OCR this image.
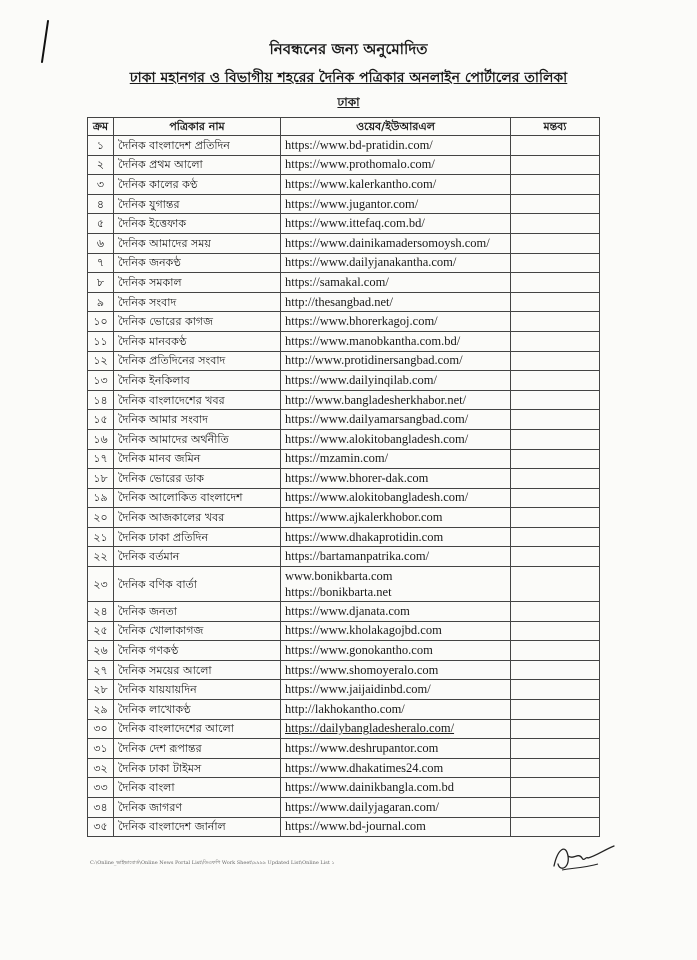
নিবন্ধনের জন্য অনুমোদিত
ঢাকা মহানগর ও বিভাগীয় শহরের দৈনিক পত্রিকার অনলাইন পোর্টালের তালিকা
ঢাকা
ক্রম	পত্রিকার নাম	ওয়েব/ইউআরএল	মন্তব্য
১	দৈনিক বাংলাদেশ প্রতিদিন	https://www.bd-pratidin.com/	
২	দৈনিক প্রথম আলো	https://www.prothomalo.com/	
৩	দৈনিক কালের কণ্ঠ	https://www.kalerkantho.com/	
৪	দৈনিক যুগান্তর	https://www.jugantor.com/	
৫	দৈনিক ইত্তেফাক	https://www.ittefaq.com.bd/	
৬	দৈনিক আমাদের সময়	https://www.dainikamadersomoysh.com/	
৭	দৈনিক জনকণ্ঠ	https://www.dailyjanakantha.com/	
৮	দৈনিক সমকাল	https://samakal.com/	
৯	দৈনিক সংবাদ	http://thesangbad.net/	
১০	দৈনিক ভোরের কাগজ	https://www.bhorerkagoj.com/	
১১	দৈনিক মানবকণ্ঠ	https://www.manobkantha.com.bd/	
১২	দৈনিক প্রতিদিনের সংবাদ	http://www.protidinersangbad.com/	
১৩	দৈনিক ইনকিলাব	https://www.dailyinqilab.com/	
১৪	দৈনিক বাংলাদেশের খবর	http://www.bangladesherkhabor.net/	
১৫	দৈনিক আমার সংবাদ	https://www.dailyamarsangbad.com/	
১৬	দৈনিক আমাদের অর্থনীতি	https://www.alokitobangladesh.com/	
১৭	দৈনিক মানব জমিন	https://mzamin.com/	
১৮	দৈনিক ভোরের ডাক	https://www.bhorer-dak.com	
১৯	দৈনিক আলোকিত বাংলাদেশ	https://www.alokitobangladesh.com/	
২০	দৈনিক আজকালের খবর	https://www.ajkalerkhobor.com	
২১	দৈনিক ঢাকা প্রতিদিন	https://www.dhakaprotidin.com	
২২	দৈনিক বর্তমান	https://bartamanpatrika.com/	
২৩	দৈনিক বণিক বার্তা	www.bonikbarta.com
https://bonikbarta.net	

২৪	দৈনিক জনতা	https://www.djanata.com	
২৫	দৈনিক খোলাকাগজ	https://www.kholakagojbd.com	
২৬	দৈনিক গণকণ্ঠ	https://www.gonokantho.com	
২৭	দৈনিক সময়ের আলো	https://www.shomoyeralo.com	
২৮	দৈনিক যায়যায়দিন	https://www.jaijaidinbd.com/	
২৯	দৈনিক লাখোকণ্ঠ	http://lakhokantho.com/	
৩০	দৈনিক বাংলাদেশের আলো	https://dailybangladesheralo.com/	
৩১	দৈনিক দেশ রূপান্তর	https://www.deshrupantor.com	
৩২	দৈনিক ঢাকা টাইমস	https://www.dhakatimes24.com	
৩৩	দৈনিক বাংলা	https://www.dainikbangla.com.bd	
৩৪	দৈনিক জাগরণ	https://www.dailyjagaran.com/	
৩৫	দৈনিক বাংলাদেশ জার্নাল	https://www.bd-journal.com	
C:\Online_ভাইভাবোর্ড\Online News Portal List\ডিএফপি Work Sheet\৯৯৯৯ Updated List\Online List ১
